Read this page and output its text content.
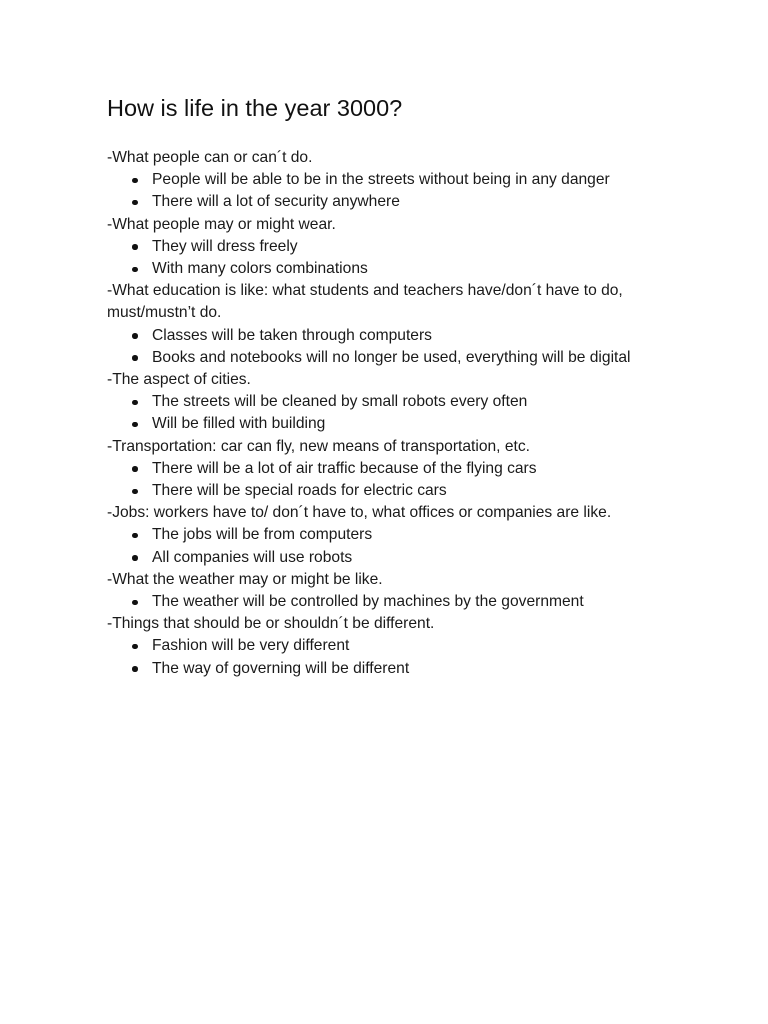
How is life in the year 3000?
-What people can or can´t do.
People will be able to be in the streets without being in any danger
There will a lot of security anywhere
-What people may or might wear.
They will dress freely
With many colors combinations
-What education is like: what students and teachers have/don´t have to do, must/mustn’t do.
Classes will be taken through computers
Books and notebooks will no longer be used, everything will be digital
-The aspect of cities.
The streets will be cleaned by small robots every often
Will be filled with building
-Transportation: car can fly, new means of transportation, etc.
There will be a lot of air traffic because of the flying cars
There will be special roads for electric cars
-Jobs: workers have to/ don´t have to, what offices or companies are like.
The jobs will be from computers
All companies will use robots
-What the weather may or might be like.
The weather will be controlled by machines by the government
-Things that should be or shouldn´t be different.
Fashion will be very different
The way of governing will be different
